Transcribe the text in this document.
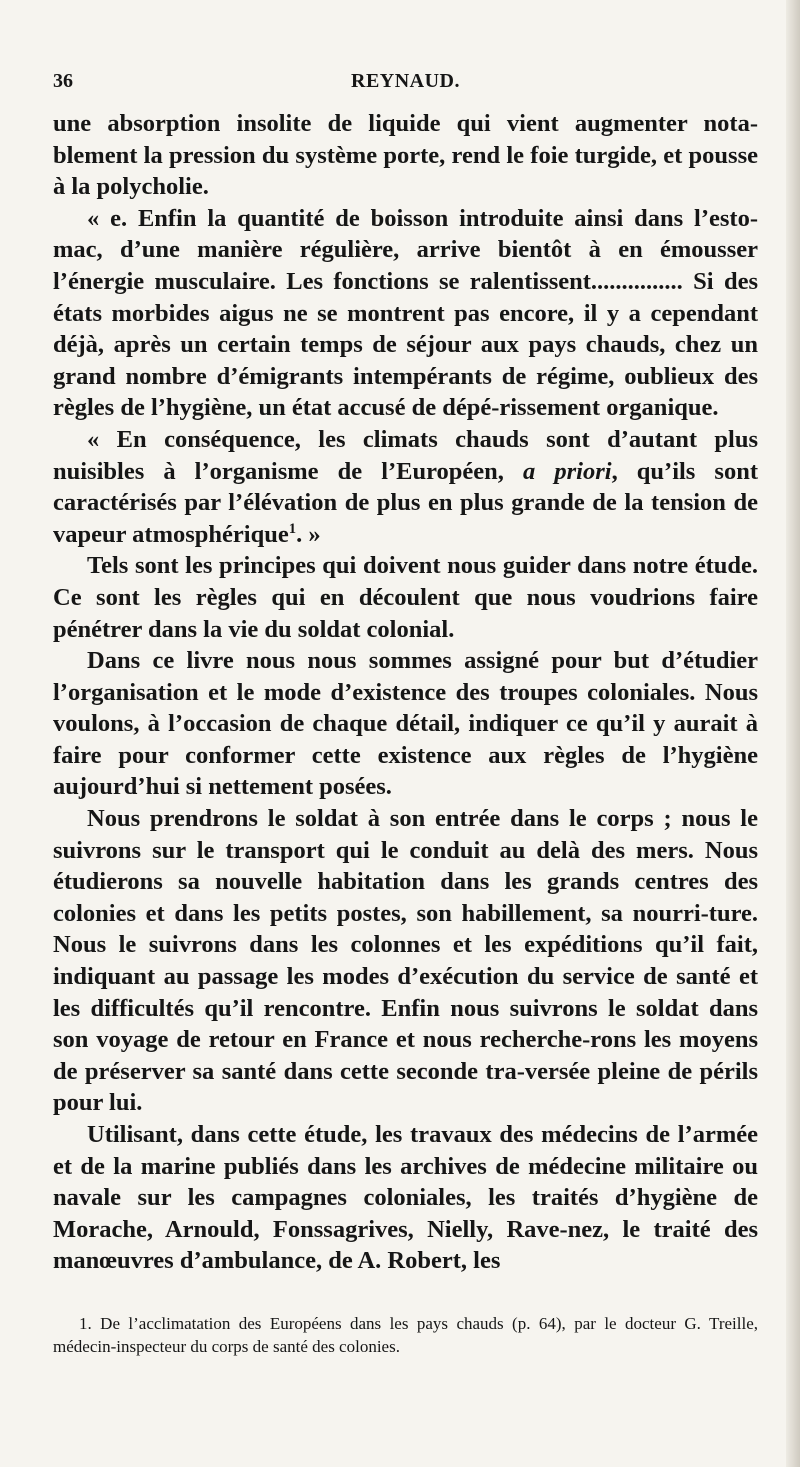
36	REYNAUD.

une absorption insolite de liquide qui vient augmenter nota-blement la pression du système porte, rend le foie turgide, et pousse à la polycholie.

« e. Enfin la quantité de boisson introduite ainsi dans l’esto-mac, d’une manière régulière, arrive bientôt à en émousser l’énergie musculaire. Les fonctions se ralentissent............... Si des états morbides aigus ne se montrent pas encore, il y a cependant déjà, après un certain temps de séjour aux pays chauds, chez un grand nombre d’émigrants intempérants de régime, oublieux des règles de l’hygiène, un état accusé de dépé-rissement organique.

« En conséquence, les climats chauds sont d’autant plus nuisibles à l’organisme de l’Européen, a priori, qu’ils sont caractérisés par l’élévation de plus en plus grande de la tension de vapeur atmosphérique$^1$. »

Tels sont les principes qui doivent nous guider dans notre étude. Ce sont les règles qui en découlent que nous voudrions faire pénétrer dans la vie du soldat colonial.

Dans ce livre nous nous sommes assigné pour but d’étudier l’organisation et le mode d’existence des troupes coloniales. Nous voulons, à l’occasion de chaque détail, indiquer ce qu’il y aurait à faire pour conformer cette existence aux règles de l’hygiène aujourd’hui si nettement posées.

Nous prendrons le soldat à son entrée dans le corps ; nous le suivrons sur le transport qui le conduit au delà des mers. Nous étudierons sa nouvelle habitation dans les grands centres des colonies et dans les petits postes, son habillement, sa nourri-ture. Nous le suivrons dans les colonnes et les expéditions qu’il fait, indiquant au passage les modes d’exécution du service de santé et les difficultés qu’il rencontre. Enfin nous suivrons le soldat dans son voyage de retour en France et nous recherche-rons les moyens de préserver sa santé dans cette seconde tra-versée pleine de périls pour lui.

Utilisant, dans cette étude, les travaux des médecins de l’armée et de la marine publiés dans les archives de médecine militaire ou navale sur les campagnes coloniales, les traités d’hygiène de Morache, Arnould, Fonssagrives, Nielly, Rave-nez, le traité des manœuvres d’ambulance, de A. Robert, les

1. De l’acclimatation des Européens dans les pays chauds (p. 64), par le docteur G. Treille, médecin-inspecteur du corps de santé des colonies.
